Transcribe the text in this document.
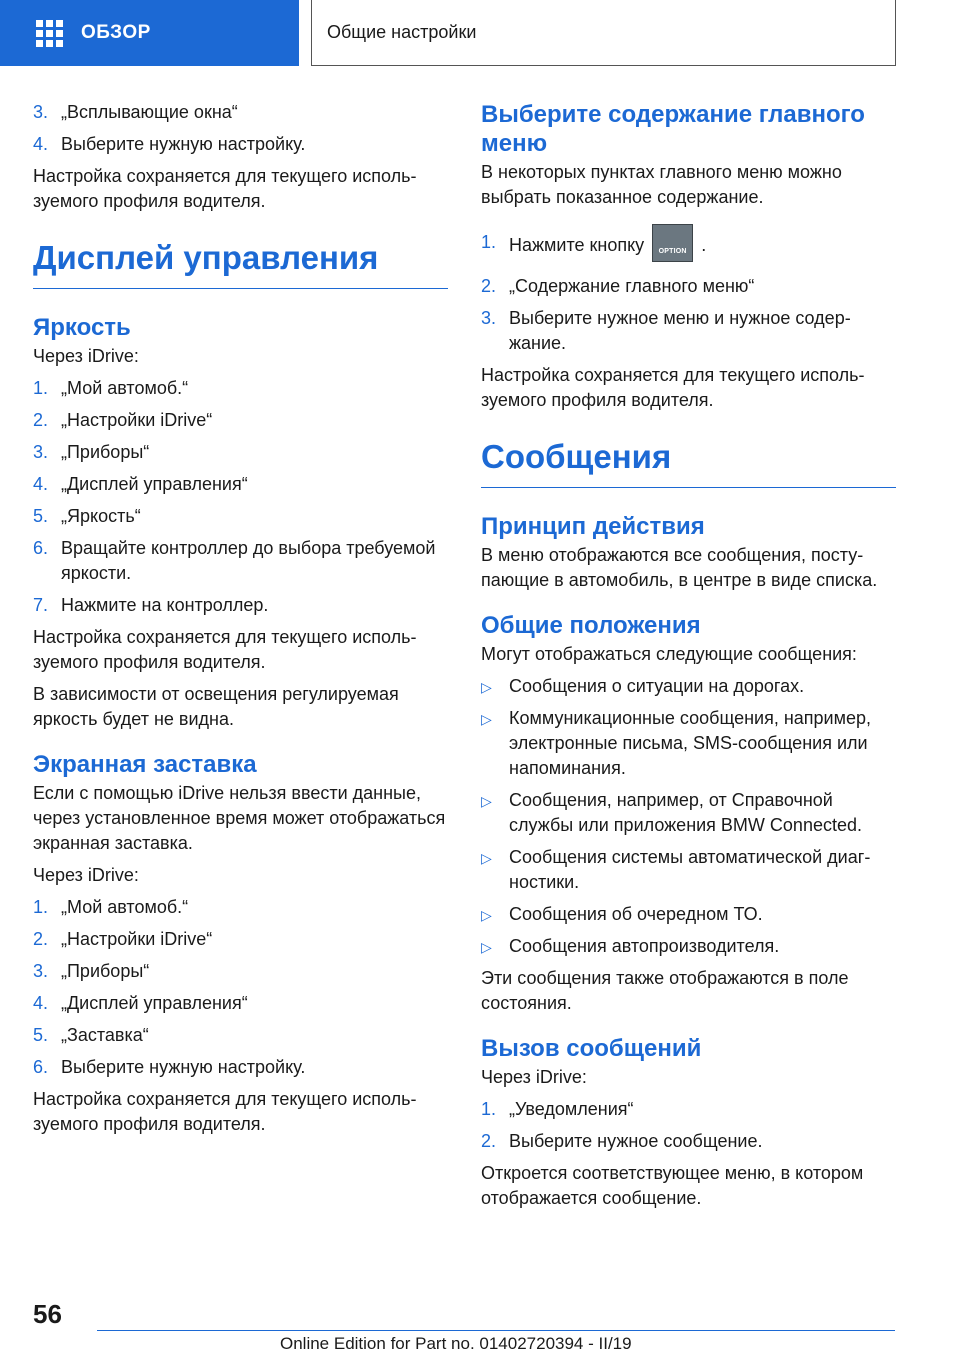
ОБЗОР	Общие настройки
3. „Всплывающие окна“
4. Выберите нужную настройку.

Настройка сохраняется для текущего используемого профиля водителя.

Дисплей управления
Яркость

Через iDrive:

1. „Мой автомоб.“
2. „Настройки iDrive“
3. „Приборы“
4. „Дисплей управления“
5. „Яркость“
6. Вращайте контроллер до выбора требуемой яркости.
7. Нажмите на контроллер.

Настройка сохраняется для текущего используемого профиля водителя.

В зависимости от освещения регулируемая яркость будет не видна.

Экранная заставка

Если с помощью iDrive нельзя ввести данные, через установленное время может отображаться экранная заставка.

Через iDrive:

1. „Мой автомоб.“
2. „Настройки iDrive“
3. „Приборы“
4. „Дисплей управления“
5. „Заставка“
6. Выберите нужную настройку.

Настройка сохраняется для текущего используемого профиля водителя.

Выберите содержание главного меню

В некоторых пунктах главного меню можно выбрать показанное содержание.

1. Нажмите кнопку	OPTION .
2. „Содержание главного меню“
3. Выберите нужное меню и нужное содержание.

Настройка сохраняется для текущего используемого профиля водителя.

Сообщения
Принцип действия

В меню отображаются все сообщения, поступающие в автомобиль, в центре в виде списка.

Общие положения

Могут отображаться следующие сообщения:

▷ Сообщения о ситуации на дорогах.
▷ Коммуникационные сообщения, например, электронные письма, SMS-сообщения или напоминания.
▷ Сообщения, например, от Справочной службы или приложения BMW Connected.
▷ Сообщения системы автоматической диагностики.
▷ Сообщения об очередном ТО.
▷ Сообщения автопроизводителя.

Эти сообщения также отображаются в поле состояния.

Вызов сообщений

Через iDrive:

1. „Уведомления“
2. Выберите нужное сообщение.

Откроется соответствующее меню, в котором отображается сообщение.

56
Online Edition for Part no. 01402720394 - II/19
